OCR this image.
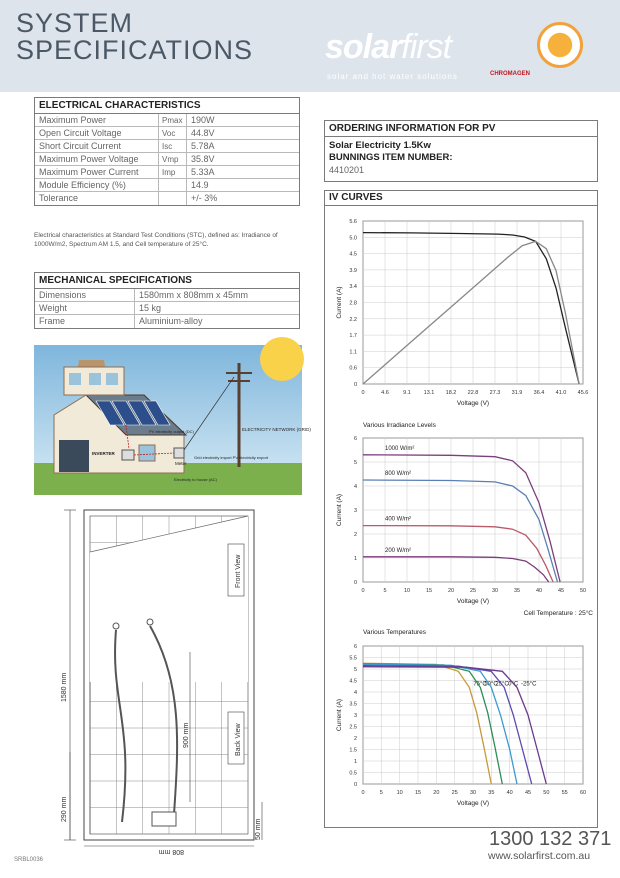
SYSTEM
SPECIFICATIONS solarfirst
solar and hot water solutions	CHROMAGEN
ELECTRICAL CHARACTERISTICS
Maximum Power	Pmax 190W
Open Circuit Voltage	Voc	44.8V
Short Circuit Current	Isc	5.78A
Maximum Power Voltage	Vmp	35.8V
Maximum Power Current	Imp	5.33A
Module Efficiency (%)	14.9
Tolerance	+/- 3%
Electrical characteristics at Standard Test Conditions (STC), defined as: Irradiance of 1000W/m2, Spectrum AM 1.5, and Cell temperature of 25°C.
MECHANICAL SPECIFICATIONS
Dimensions	1580mm x 808mm x 45mm
Weight	15 kg
Frame	Aluminium-alloy
PV electricity output (DC)
INVERTER
Meter
ELECTRICITY NETWORK (GRID)
Grid electricity import PV electricity export
Electricity to house (AC)
Front View
Back View
1580 mm
290 mm
900 mm
808 mm
50 mm
ORDERING INFORMATION FOR PV
Solar Electricity 1.5Kw
BUNNINGS ITEM NUMBER:
4410201
IV CURVES
0	4.6	9.1 13.1 18.2 22.8 27.3 31.9 36.4 41.0 45.6
0
0.6
1.1
1.7
2.2
2.8
3.4
3.9
4.5
5.0
5.6
Voltage (V)
Current (A)
0	5	10	15	20	25	30	35	40	45	50
0
1
2
3
4
5
6
Voltage (V)
Current (A)
Various Irradiance Levels
Cell Temperature : 25°C
1000 W/m²
800 W/m²
400 W/m²
200 W/m²
0	5 10 15 20 25 30 35 40 45 50 55 60
0
0.5
1
1.5
2
2.5
3
3.5
4
4.5
5
5.5
6
Voltage (V)
Current (A)
Various Temperatures
75°C
50°C
25°C 0°C -25°C
1300 132 371
www.solarfirst.com.au
SRBL0036
